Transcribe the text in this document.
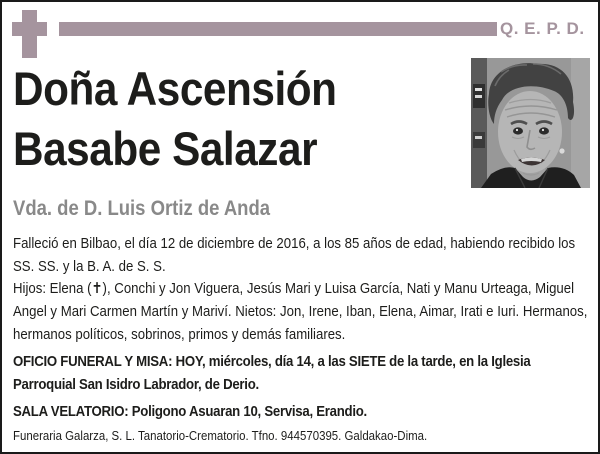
Q. E. P. D.
Doña Ascensión
Basabe Salazar
Vda. de D. Luis Ortiz de Anda

Falleció en Bilbao, el día 12 de diciembre de 2016, a los 85 años de edad, habiendo recibido los SS. SS. y la B. A. de S. S.

Hijos: Elena (✝), Conchi y Jon Viguera, Jesús Mari y Luisa García, Nati y Manu Urteaga, Miguel Angel y Mari Carmen Martín y Mariví. Nietos: Jon, Irene, Iban, Elena, Aimar, Irati e Iuri. Hermanos, hermanos políticos, sobrinos, primos y demás familiares.

OFICIO FUNERAL Y MISA: HOY, miércoles, día 14, a las SIETE de la tarde, en la Iglesia Parroquial San Isidro Labrador, de Derio.

SALA VELATORIO: Poligono Asuaran 10, Servisa, Erandio.

Funeraria Galarza, S. L. Tanatorio-Crematorio. Tfno. 944570395. Galdakao-Dima.
